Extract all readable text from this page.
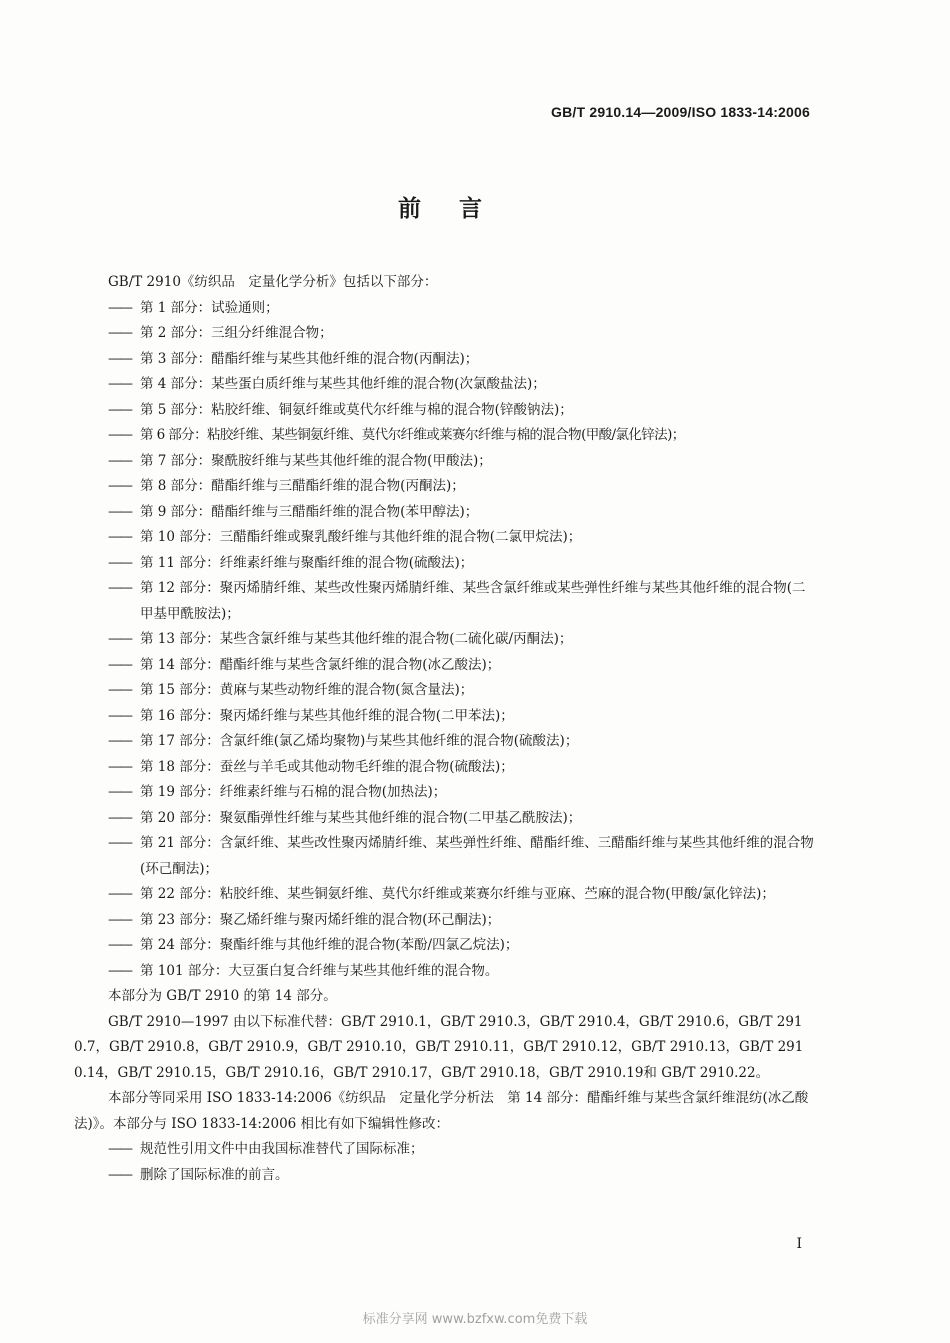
GB/T 2910.14—2009/ISO 1833-14:2006
前言
GB/T 2910《纺织品　定量化学分析》包括以下部分：
—— 第 1 部分：试验通则；
—— 第 2 部分：三组分纤维混合物；
—— 第 3 部分：醋酯纤维与某些其他纤维的混合物(丙酮法)；
—— 第 4 部分：某些蛋白质纤维与某些其他纤维的混合物(次氯酸盐法)；
—— 第 5 部分：粘胶纤维、铜氨纤维或莫代尔纤维与棉的混合物(锌酸钠法)；
—— 第 6 部分：粘胶纤维、某些铜氨纤维、莫代尔纤维或莱赛尔纤维与棉的混合物(甲酸/氯化锌法)；
—— 第 7 部分：聚酰胺纤维与某些其他纤维的混合物(甲酸法)；
—— 第 8 部分：醋酯纤维与三醋酯纤维的混合物(丙酮法)；
—— 第 9 部分：醋酯纤维与三醋酯纤维的混合物(苯甲醇法)；
—— 第 10 部分：三醋酯纤维或聚乳酸纤维与其他纤维的混合物(二氯甲烷法)；
—— 第 11 部分：纤维素纤维与聚酯纤维的混合物(硫酸法)；
—— 第 12 部分：聚丙烯腈纤维、某些改性聚丙烯腈纤维、某些含氯纤维或某些弹性纤维与某些其他纤维的混合物(二甲基甲酰胺法)；
—— 第 13 部分：某些含氯纤维与某些其他纤维的混合物(二硫化碳/丙酮法)；
—— 第 14 部分：醋酯纤维与某些含氯纤维的混合物(冰乙酸法)；
—— 第 15 部分：黄麻与某些动物纤维的混合物(氮含量法)；
—— 第 16 部分：聚丙烯纤维与某些其他纤维的混合物(二甲苯法)；
—— 第 17 部分：含氯纤维(氯乙烯均聚物)与某些其他纤维的混合物(硫酸法)；
—— 第 18 部分：蚕丝与羊毛或其他动物毛纤维的混合物(硫酸法)；
—— 第 19 部分：纤维素纤维与石棉的混合物(加热法)；
—— 第 20 部分：聚氨酯弹性纤维与某些其他纤维的混合物(二甲基乙酰胺法)；
—— 第 21 部分：含氯纤维、某些改性聚丙烯腈纤维、某些弹性纤维、醋酯纤维、三醋酯纤维与某些其他纤维的混合物(环己酮法)；
—— 第 22 部分：粘胶纤维、某些铜氨纤维、莫代尔纤维或莱赛尔纤维与亚麻、苎麻的混合物(甲酸/氯化锌法)；
—— 第 23 部分：聚乙烯纤维与聚丙烯纤维的混合物(环己酮法)；
—— 第 24 部分：聚酯纤维与其他纤维的混合物(苯酚/四氯乙烷法)；
—— 第 101 部分：大豆蛋白复合纤维与某些其他纤维的混合物。
本部分为 GB/T 2910 的第 14 部分。
GB/T 2910—1997 由以下标准代替：GB/T 2910.1，GB/T 2910.3，GB/T 2910.4，GB/T 2910.6，GB/T 2910.7，GB/T 2910.8，GB/T 2910.9，GB/T 2910.10，GB/T 2910.11，GB/T 2910.12，GB/T 2910.13，GB/T 2910.14，GB/T 2910.15，GB/T 2910.16，GB/T 2910.17，GB/T 2910.18，GB/T 2910.19和 GB/T 2910.22。
本部分等同采用 ISO 1833-14:2006《纺织品　定量化学分析法　第 14 部分：醋酯纤维与某些含氯纤维混纺(冰乙酸法)》。本部分与 ISO 1833-14:2006 相比有如下编辑性修改：
—— 规范性引用文件中由我国标准替代了国际标准；
—— 删除了国际标准的前言。
I
标准分享网 www.bzfxw.com免费下载
